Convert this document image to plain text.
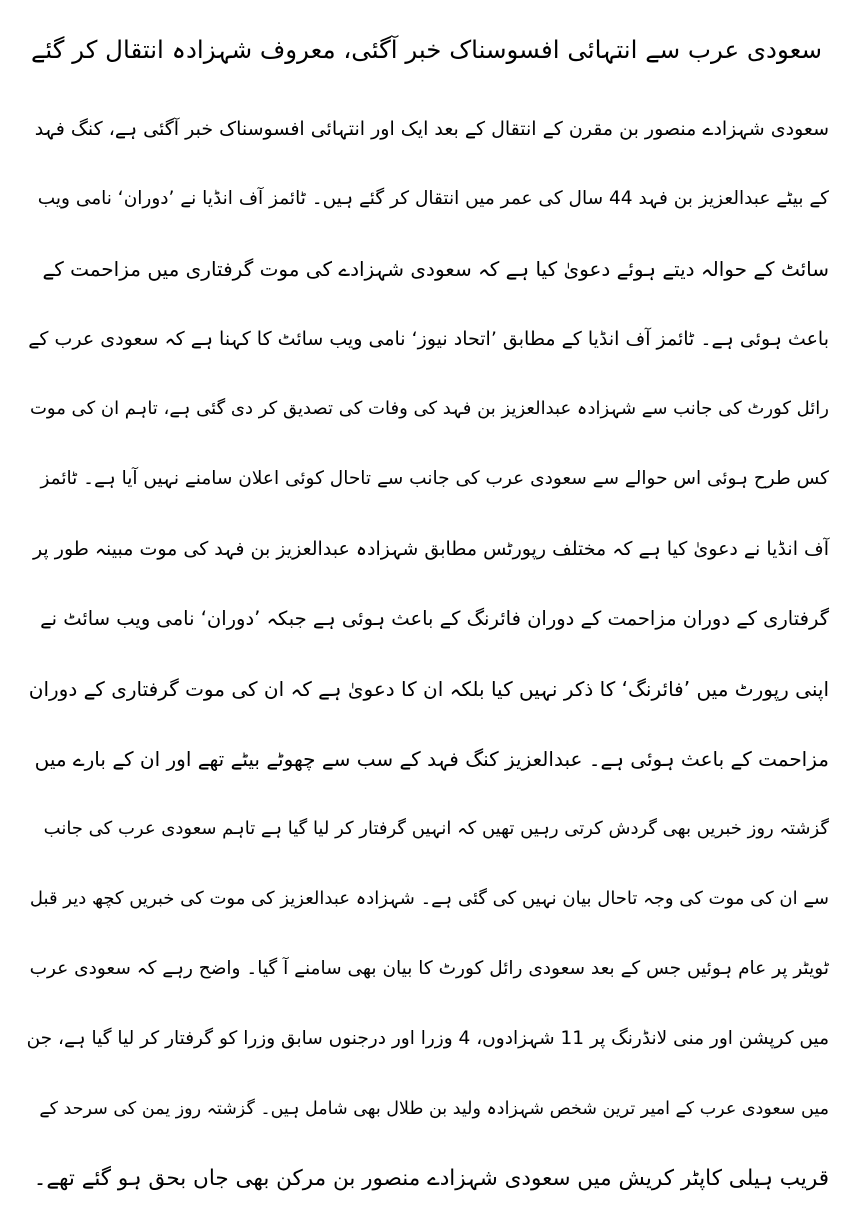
سعودی عرب سے انتہائی افسوسناک خبر آگئی، معروف شہزادہ انتقال کر گئے
سعودی شہزادے منصور بن مقرن کے انتقال کے بعد ایک اور انتہائی افسوسناک خبر آگئی ہے، کنگ فہد
کے بیٹے عبدالعزیز بن فہد 44 سال کی عمر میں انتقال کر گئے ہیں۔ ٹائمز آف انڈیا نے ’دوران‘ نامی ویب
سائٹ کے حوالہ دیتے ہوئے دعویٰ کیا ہے کہ سعودی شہزادے کی موت گرفتاری میں مزاحمت کے
باعث ہوئی ہے۔ ٹائمز آف انڈیا کے مطابق ’اتحاد نیوز‘ نامی ویب سائٹ کا کہنا ہے کہ سعودی عرب کے
رائل کورٹ کی جانب سے شہزادہ عبدالعزیز بن فہد کی وفات کی تصدیق کر دی گئی ہے، تاہم ان کی موت
کس طرح ہوئی اس حوالے سے سعودی عرب کی جانب سے تاحال کوئی اعلان سامنے نہیں آیا ہے۔ ٹائمز
آف انڈیا نے دعویٰ کیا ہے کہ مختلف رپورٹس مطابق شہزادہ عبدالعزیز بن فہد کی موت مبینہ طور پر
گرفتاری کے دوران مزاحمت کے دوران فائرنگ کے باعث ہوئی ہے جبکہ ’دوران‘ نامی ویب سائٹ نے
اپنی رپورٹ میں ’فائرنگ‘ کا ذکر نہیں کیا بلکہ ان کا دعویٰ ہے کہ ان کی موت گرفتاری کے دوران
مزاحمت کے باعث ہوئی ہے۔ عبدالعزیز کنگ فہد کے سب سے چھوٹے بیٹے تھے اور ان کے بارے میں
گزشتہ روز خبریں بھی گردش کرتی رہیں تھیں کہ انہیں گرفتار کر لیا گیا ہے تاہم سعودی عرب کی جانب
سے ان کی موت کی وجہ تاحال بیان نہیں کی گئی ہے۔ شہزادہ عبدالعزیز کی موت کی خبریں کچھ دیر قبل
ٹویٹر پر عام ہوئیں جس کے بعد سعودی رائل کورٹ کا بیان بھی سامنے آ گیا۔ واضح رہے کہ سعودی عرب
میں کرپشن اور منی لانڈرنگ پر 11 شہزادوں، 4 وزرا اور درجنوں سابق وزرا کو گرفتار کر لیا گیا ہے، جن
میں سعودی عرب کے امیر ترین شخص شہزادہ ولید بن طلال بھی شامل ہیں۔ گزشتہ روز یمن کی سرحد کے
قریب ہیلی کاپٹر کریش میں سعودی شہزادے منصور بن مرکن بھی جاں بحق ہو گئے تھے۔
